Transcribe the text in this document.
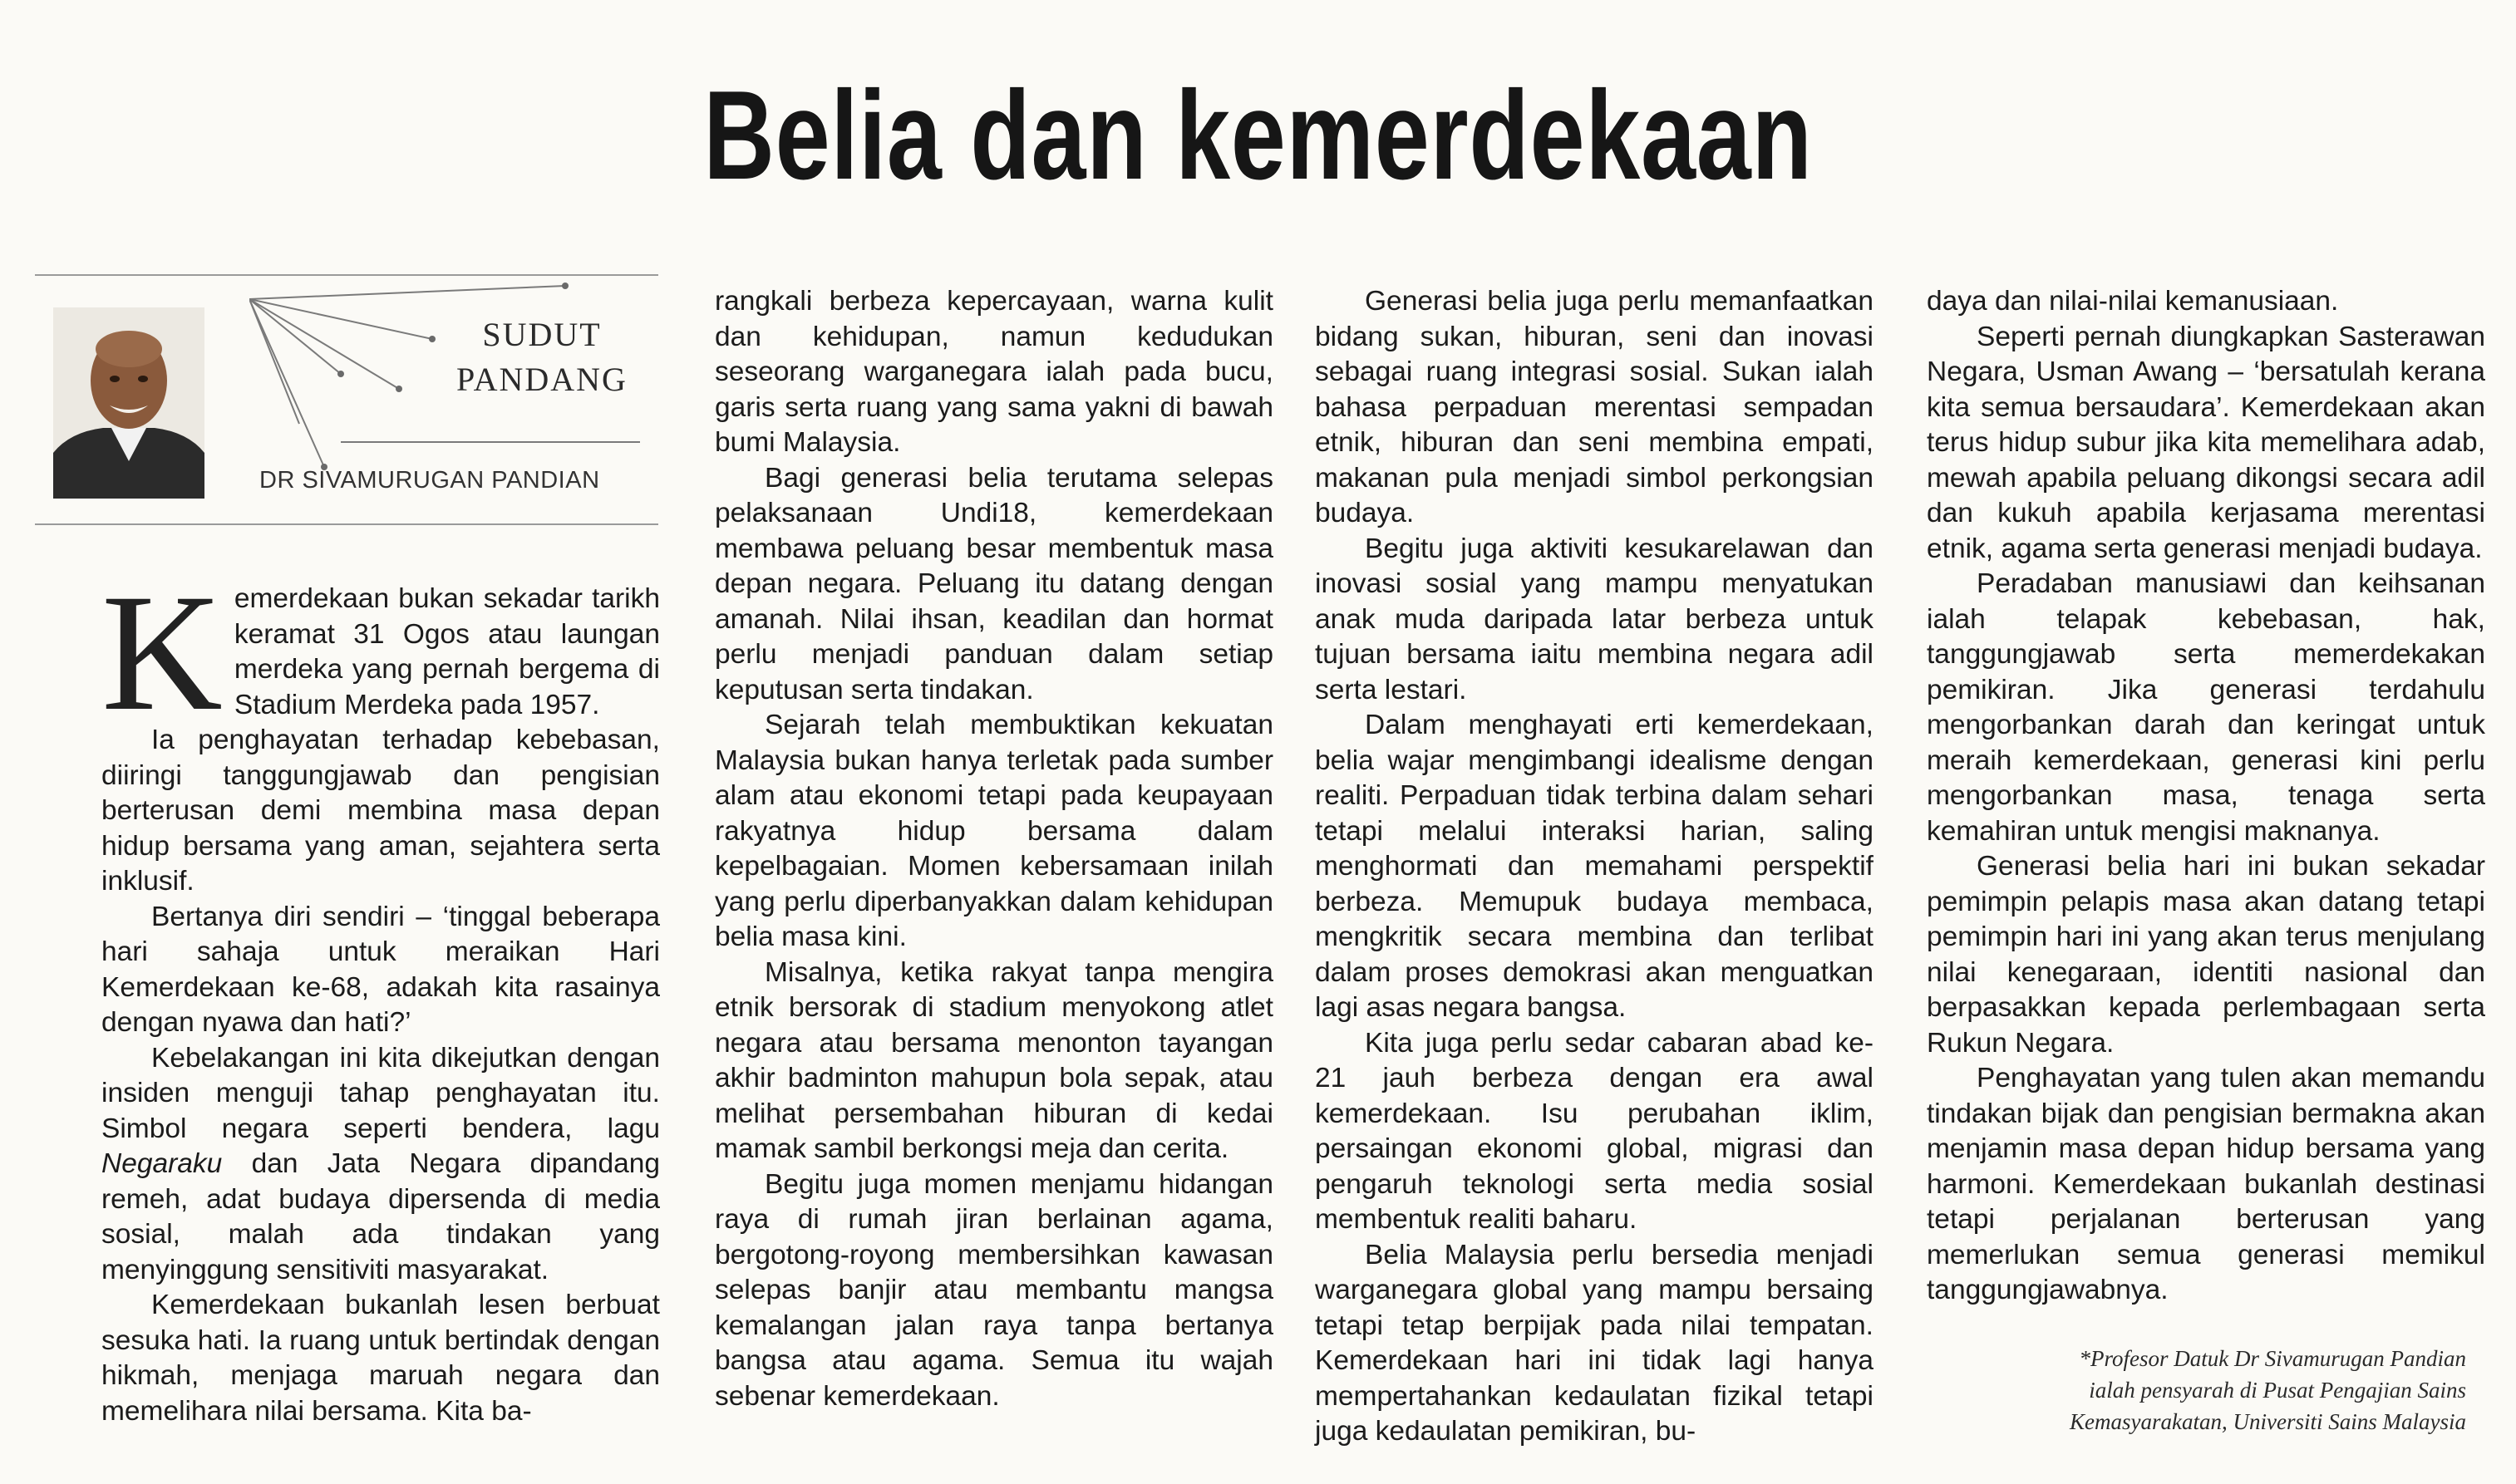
Belia dan kemerdekaan
SUDUT
PANDANG
DR SIVAMURUGAN PANDIAN

Kemerdekaan bukan sekadar tarikh keramat 31 Ogos atau laungan merdeka yang pernah bergema di Stadium Merdeka pada 1957.

Ia penghayatan terhadap kebebasan, diiringi tanggungjawab dan pengisian berterusan demi membina masa depan hidup bersama yang aman, sejahtera serta inklusif.

Bertanya diri sendiri – ‘tinggal beberapa hari sahaja untuk meraikan Hari Kemerdekaan ke-68, adakah kita rasainya dengan nyawa dan hati?’

Kebelakangan ini kita dikejutkan dengan insiden menguji tahap penghayatan itu. Simbol negara seperti bendera, lagu Negaraku dan Jata Negara dipandang remeh, adat budaya dipersenda di media sosial, malah ada tindakan yang menyinggung sensitiviti masyarakat.

Kemerdekaan bukanlah lesen berbuat sesuka hati. Ia ruang untuk bertindak dengan hikmah, menjaga maruah negara dan memelihara nilai bersama. Kita ba-

rangkali berbeza kepercayaan, warna kulit dan kehidupan, namun kedudukan seseorang warganegara ialah pada bucu, garis serta ruang yang sama yakni di bawah bumi Malaysia.

Bagi generasi belia terutama selepas pelaksanaan Undi18, kemerdekaan membawa peluang besar membentuk masa depan negara. Peluang itu datang dengan amanah. Nilai ihsan, keadilan dan hormat perlu menjadi panduan dalam setiap keputusan serta tindakan.

Sejarah telah membuktikan kekuatan Malaysia bukan hanya terletak pada sumber alam atau ekonomi tetapi pada keupayaan rakyatnya hidup bersama dalam kepelbagaian. Momen kebersamaan inilah yang perlu diperbanyakkan dalam kehidupan belia masa kini.

Misalnya, ketika rakyat tanpa mengira etnik bersorak di stadium menyokong atlet negara atau bersama menonton tayangan akhir badminton mahupun bola sepak, atau melihat persembahan hiburan di kedai mamak sambil berkongsi meja dan cerita.

Begitu juga momen menjamu hidangan raya di rumah jiran berlainan agama, bergotong-royong membersihkan kawasan selepas banjir atau membantu mangsa kemalangan jalan raya tanpa bertanya bangsa atau agama. Semua itu wajah sebenar kemerdekaan.

Generasi belia juga perlu memanfaatkan bidang sukan, hiburan, seni dan inovasi sebagai ruang integrasi sosial. Sukan ialah bahasa perpaduan merentasi sempadan etnik, hiburan dan seni membina empati, makanan pula menjadi simbol perkongsian budaya.

Begitu juga aktiviti kesukarelawan dan inovasi sosial yang mampu menyatukan anak muda daripada latar berbeza untuk tujuan bersama iaitu membina negara adil serta lestari.

Dalam menghayati erti kemerdekaan, belia wajar mengimbangi idealisme dengan realiti. Perpaduan tidak terbina dalam sehari tetapi melalui interaksi harian, saling menghormati dan memahami perspektif berbeza. Memupuk budaya membaca, mengkritik secara membina dan terlibat dalam proses demokrasi akan menguatkan lagi asas negara bangsa.

Kita juga perlu sedar cabaran abad ke-21 jauh berbeza dengan era awal kemerdekaan. Isu perubahan iklim, persaingan ekonomi global, migrasi dan pengaruh teknologi serta media sosial membentuk realiti baharu.

Belia Malaysia perlu bersedia menjadi warganegara global yang mampu bersaing tetapi tetap berpijak pada nilai tempatan. Kemerdekaan hari ini tidak lagi hanya mempertahankan kedaulatan fizikal tetapi juga kedaulatan pemikiran, bu-

daya dan nilai-nilai kemanusiaan.

Seperti pernah diungkapkan Sasterawan Negara, Usman Awang – ‘bersatulah kerana kita semua bersaudara’. Kemerdekaan akan terus hidup subur jika kita memelihara adab, mewah apabila peluang dikongsi secara adil dan kukuh apabila kerjasama merentasi etnik, agama serta generasi menjadi budaya.

Peradaban manusiawi dan keihsanan ialah telapak kebebasan, hak, tanggungjawab serta memerdekakan pemikiran. Jika generasi terdahulu mengorbankan darah dan keringat untuk meraih kemerdekaan, generasi kini perlu mengorbankan masa, tenaga serta kemahiran untuk mengisi maknanya.

Generasi belia hari ini bukan sekadar pemimpin pelapis masa akan datang tetapi pemimpin hari ini yang akan terus menjulang nilai kenegaraan, identiti nasional dan berpasakkan kepada perlembagaan serta Rukun Negara.

Penghayatan yang tulen akan memandu tindakan bijak dan pengisian bermakna akan menjamin masa depan hidup bersama yang harmoni. Kemerdekaan bukanlah destinasi tetapi perjalanan berterusan yang memerlukan semua generasi memikul tanggungjawabnya.

*Profesor Datuk Dr Sivamurugan Pandian
ialah pensyarah di Pusat Pengajian Sains
Kemasyarakatan, Universiti Sains Malaysia
